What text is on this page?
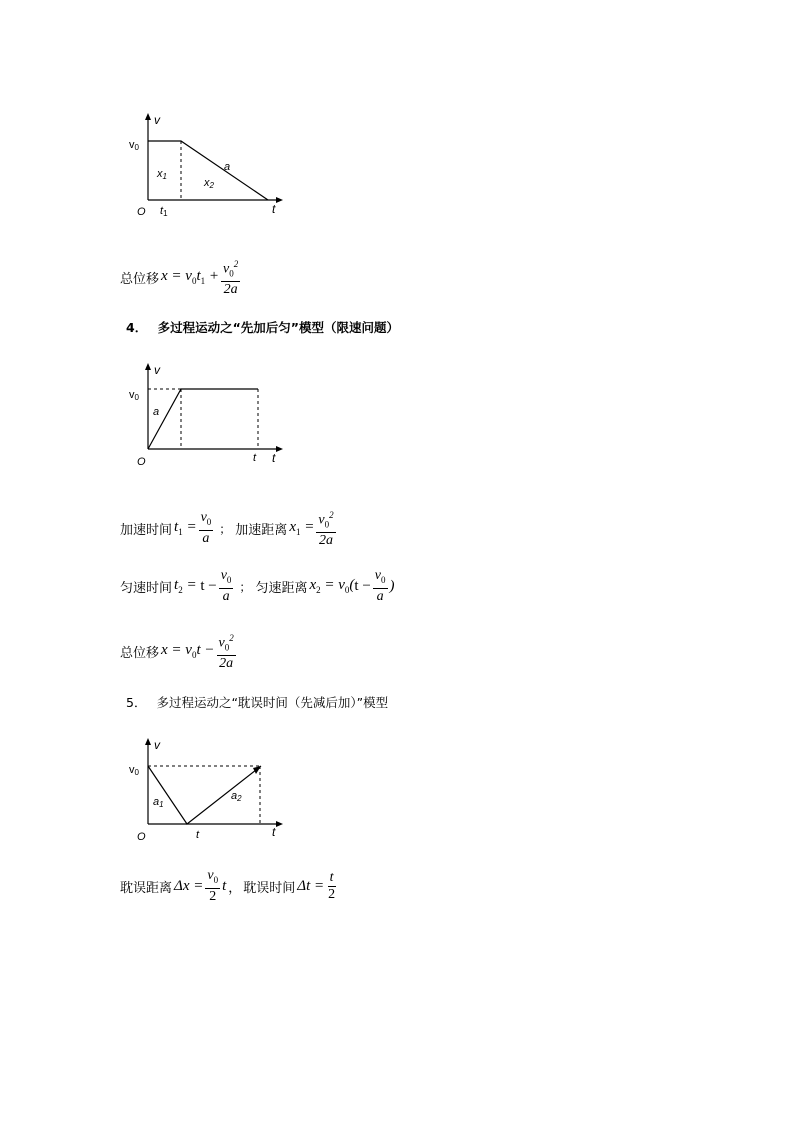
v
v0
O t1	t
x1
x2
a
总位移 $x = v_0t_1 + \frac{v_0^2}{2a}$
4． 多过程运动之“先加后匀”模型（限速问题）
v
v0
O
a
t t
加速时间 $t_1 = \frac{v_0}{a}$ ； 加速距离 $x_1 = \frac{v_0^2}{2a}$
匀速时间 $t_2 = t - \frac{v_0}{a}$ ； 匀速距离 $x_2 = v_0$( $t - \frac{v_0}{a}$ )
总位移 $x = v_0t - \frac{v_0^2}{2a}$
5． 多过程运动之“耽误时间（先减后加）”模型
v
v0
O
a1
a2
t	t
耽误距离 $\Delta x = \frac{v_0}{2}$ t ， 耽误时间 $\Delta t = \frac{t}{2}$
